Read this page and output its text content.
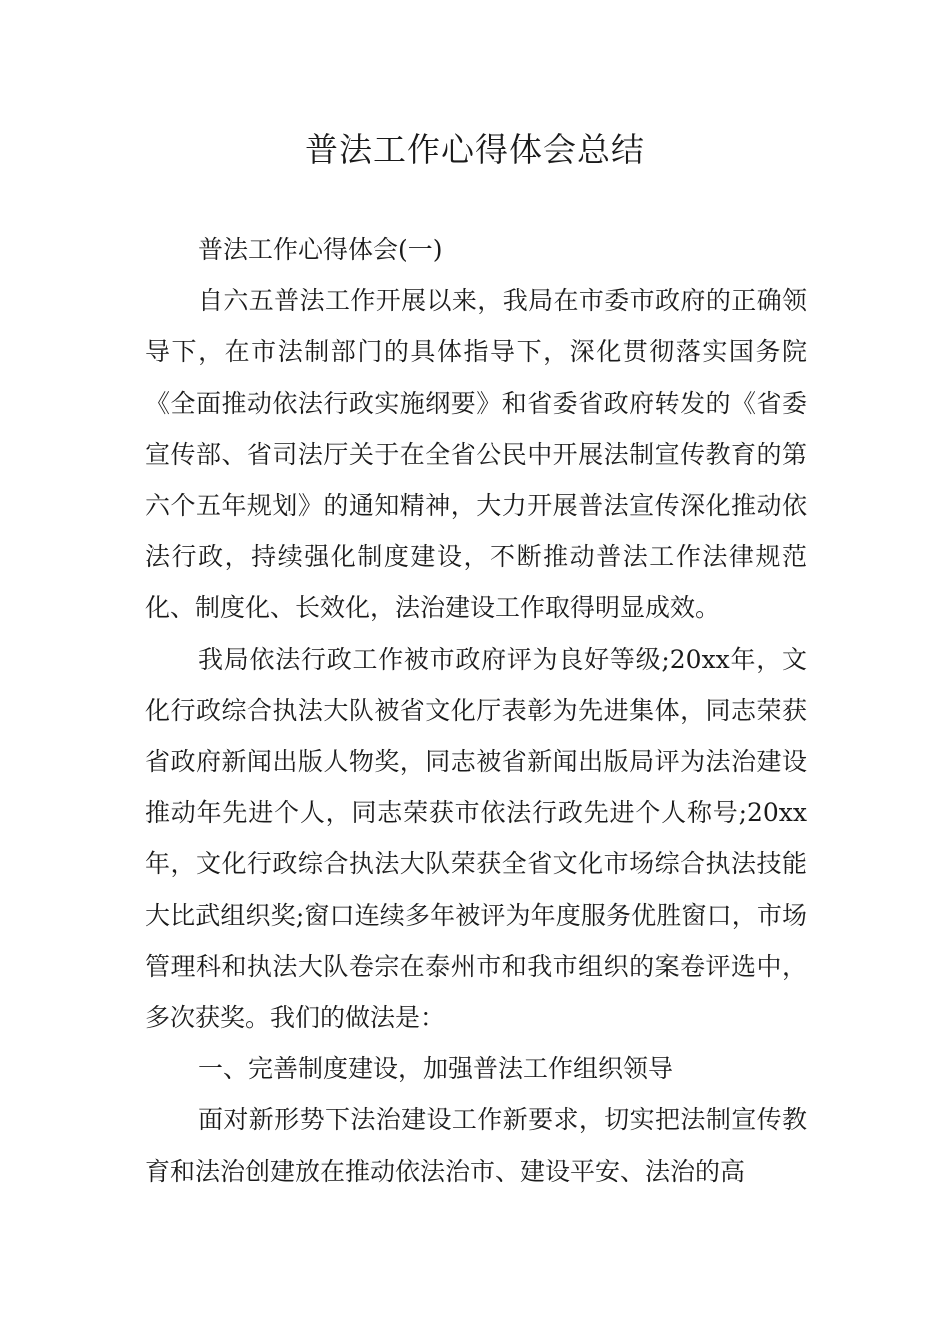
普法工作心得体会总结

普法工作心得体会(一)

自六五普法工作开展以来，我局在市委市政府的正确领导下，在市法制部门的具体指导下，深化贯彻落实国务院《全面推动依法行政实施纲要》和省委省政府转发的《省委宣传部、省司法厅关于在全省公民中开展法制宣传教育的第六个五年规划》的通知精神，大力开展普法宣传深化推动依法行政，持续强化制度建设，不断推动普法工作法律规范化、制度化、长效化，法治建设工作取得明显成效。

我局依法行政工作被市政府评为良好等级;20xx年，文化行政综合执法大队被省文化厅表彰为先进集体，同志荣获省政府新闻出版人物奖，同志被省新闻出版局评为法治建设推动年先进个人，同志荣获市依法行政先进个人称号;20xx年，文化行政综合执法大队荣获全省文化市场综合执法技能大比武组织奖;窗口连续多年被评为年度服务优胜窗口，市场管理科和执法大队卷宗在泰州市和我市组织的案卷评选中，多次获奖。我们的做法是：

一、完善制度建设，加强普法工作组织领导

面对新形势下法治建设工作新要求，切实把法制宣传教育和法治创建放在推动依法治市、建设平安、法治的高
